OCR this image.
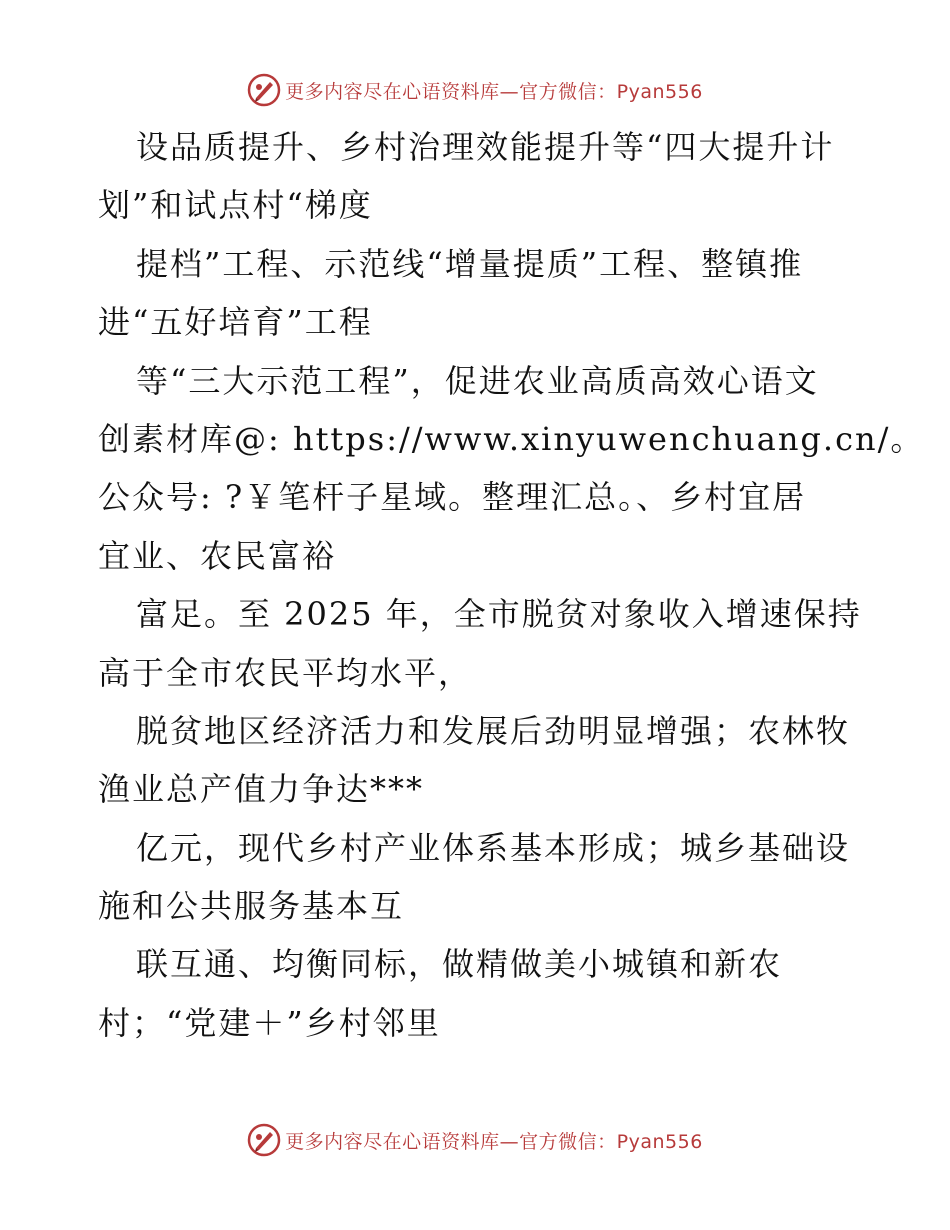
更多内容尽在心语资料库—官方微信：Pyan556
设品质提升、乡村治理效能提升等“四大提升计
划”和试点村“梯度
提档”工程、示范线“增量提质”工程、整镇推
进“五好培育”工程
等“三大示范工程”，促进农业高质高效心语文
创素材库@: https://www.xinyuwenchuang.cn/。
公众号: ?￥笔杆子星域。整理汇总。、乡村宜居
宜业、农民富裕
富足。至 2025 年，全市脱贫对象收入增速保持
高于全市农民平均水平，
脱贫地区经济活力和发展后劲明显增强；农林牧
渔业总产值力争达***
亿元，现代乡村产业体系基本形成；城乡基础设
施和公共服务基本互
联互通、均衡同标，做精做美小城镇和新农
村；“党建＋”乡村邻里
更多内容尽在心语资料库—官方微信：Pyan556
